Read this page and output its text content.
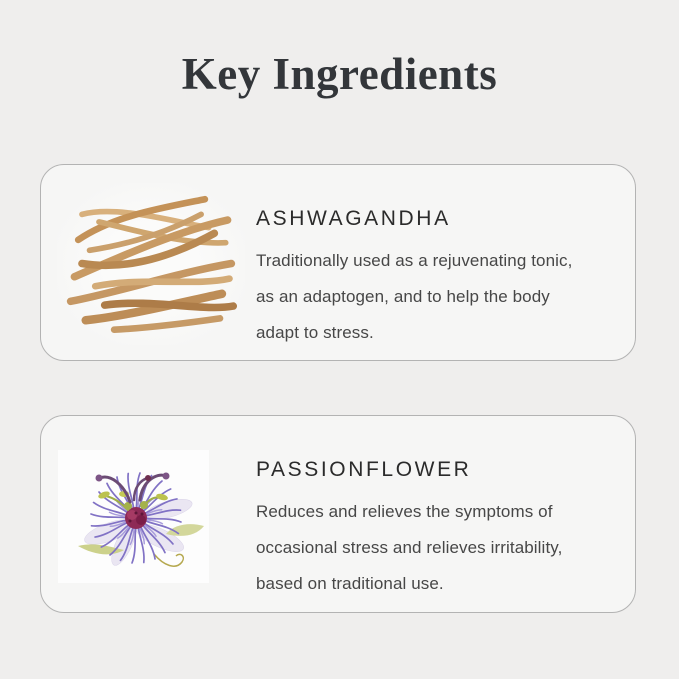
Key Ingredients
ASHWAGANDHA

Traditionally used as a rejuvenating tonic,
as an adaptogen, and to help the body
adapt to stress.

PASSIONFLOWER

Reduces and relieves the symptoms of
occasional stress and relieves irritability,
based on traditional use.
